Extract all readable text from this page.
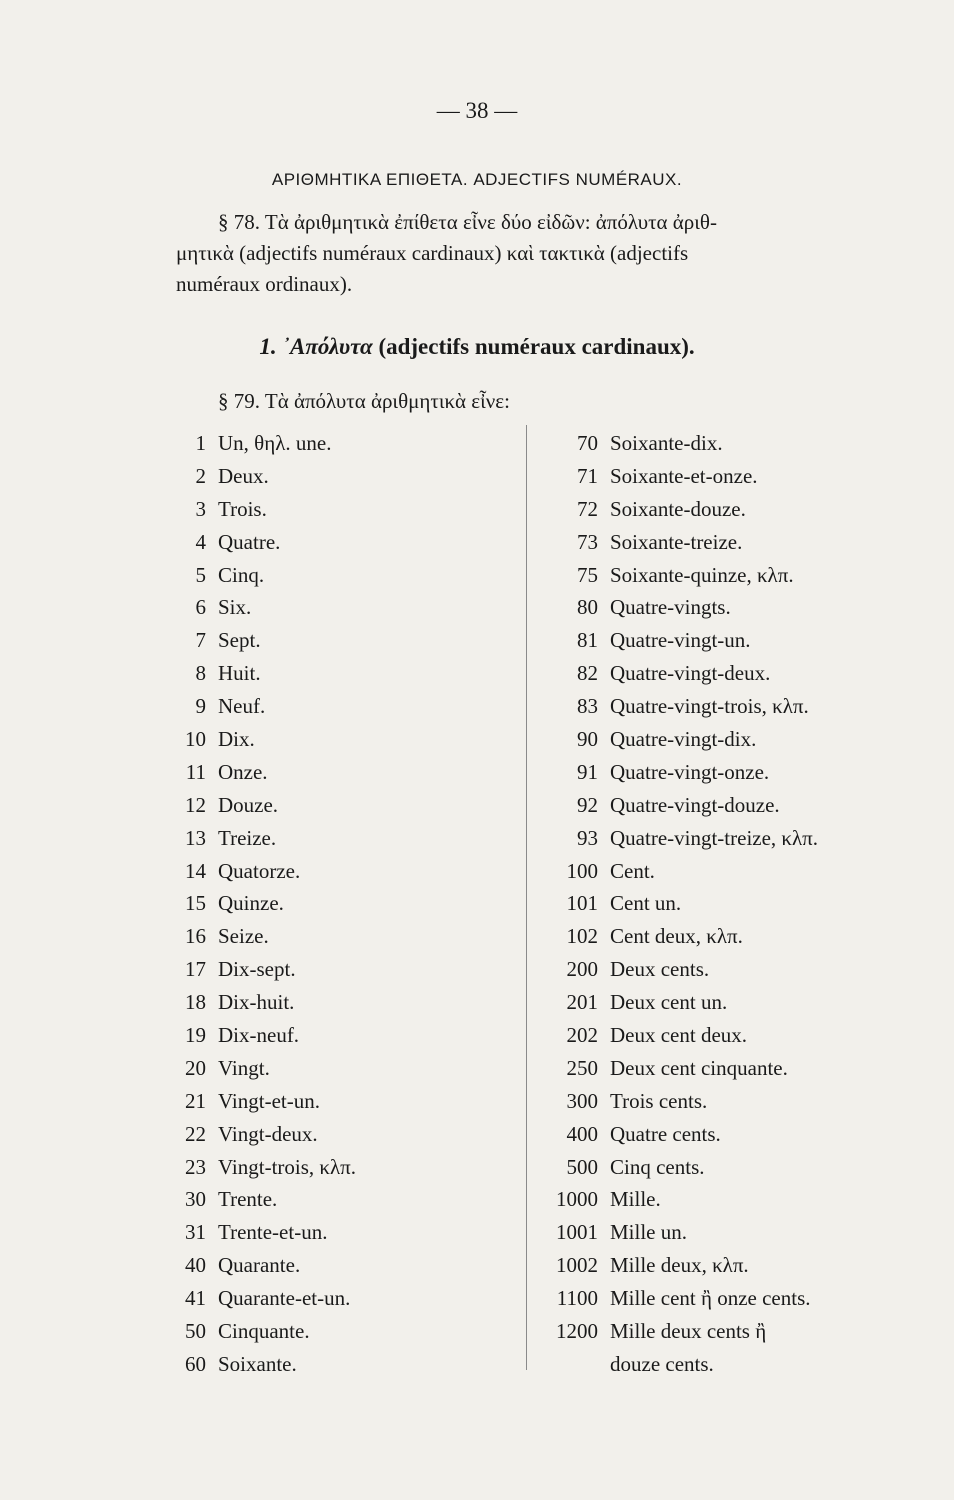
— 38 —
ΑΡΙΘΜΗΤΙΚΑ ΕΠΙΘΕΤΑ. ADJECTIFS NUMÉRAUX.
§ 78. Τὰ ἀριθμητικὰ ἐπίθετα εἶνε δύο εἰδῶν: ἀπόλυτα ἀριθ-
μητικὰ (adjectifs numéraux cardinaux) καὶ τακτικὰ (adjectifs
numéraux ordinaux).
1. ᾿Απόλυτα (adjectifs numéraux cardinaux).
§ 79. Τὰ ἀπόλυτα ἀριθμητικὰ εἶνε:
1 Un, θηλ. une.
2 Deux.
3 Trois.
4 Quatre.
5 Cinq.
6 Six.
7 Sept.
8 Huit.
9 Neuf.
10 Dix.
11 Onze.
12 Douze.
13 Treize.
14 Quatorze.
15 Quinze.
16 Seize.
17 Dix-sept.
18 Dix-huit.
19 Dix-neuf.
20 Vingt.
21 Vingt-et-un.
22 Vingt-deux.
23 Vingt-trois, κλπ.
30 Trente.
31 Trente-et-un.
40 Quarante.
41 Quarante-et-un.
50 Cinquante.
60 Soixante.
70 Soixante-dix.
71 Soixante-et-onze.
72 Soixante-douze.
73 Soixante-treize.
75 Soixante-quinze, κλπ.
80 Quatre-vingts.
81 Quatre-vingt-un.
82 Quatre-vingt-deux.
83 Quatre-vingt-trois, κλπ.
90 Quatre-vingt-dix.
91 Quatre-vingt-onze.
92 Quatre-vingt-douze.
93 Quatre-vingt-treize, κλπ.
100 Cent.
101 Cent un.
102 Cent deux, κλπ.
200 Deux cents.
201 Deux cent un.
202 Deux cent deux.
250 Deux cent cinquante.
300 Trois cents.
400 Quatre cents.
500 Cinq cents.
1000 Mille.
1001 Mille un.
1002 Mille deux, κλπ.
1100 Mille cent ἢ onze cents.
1200 Mille deux cents ἢ
douze cents.
